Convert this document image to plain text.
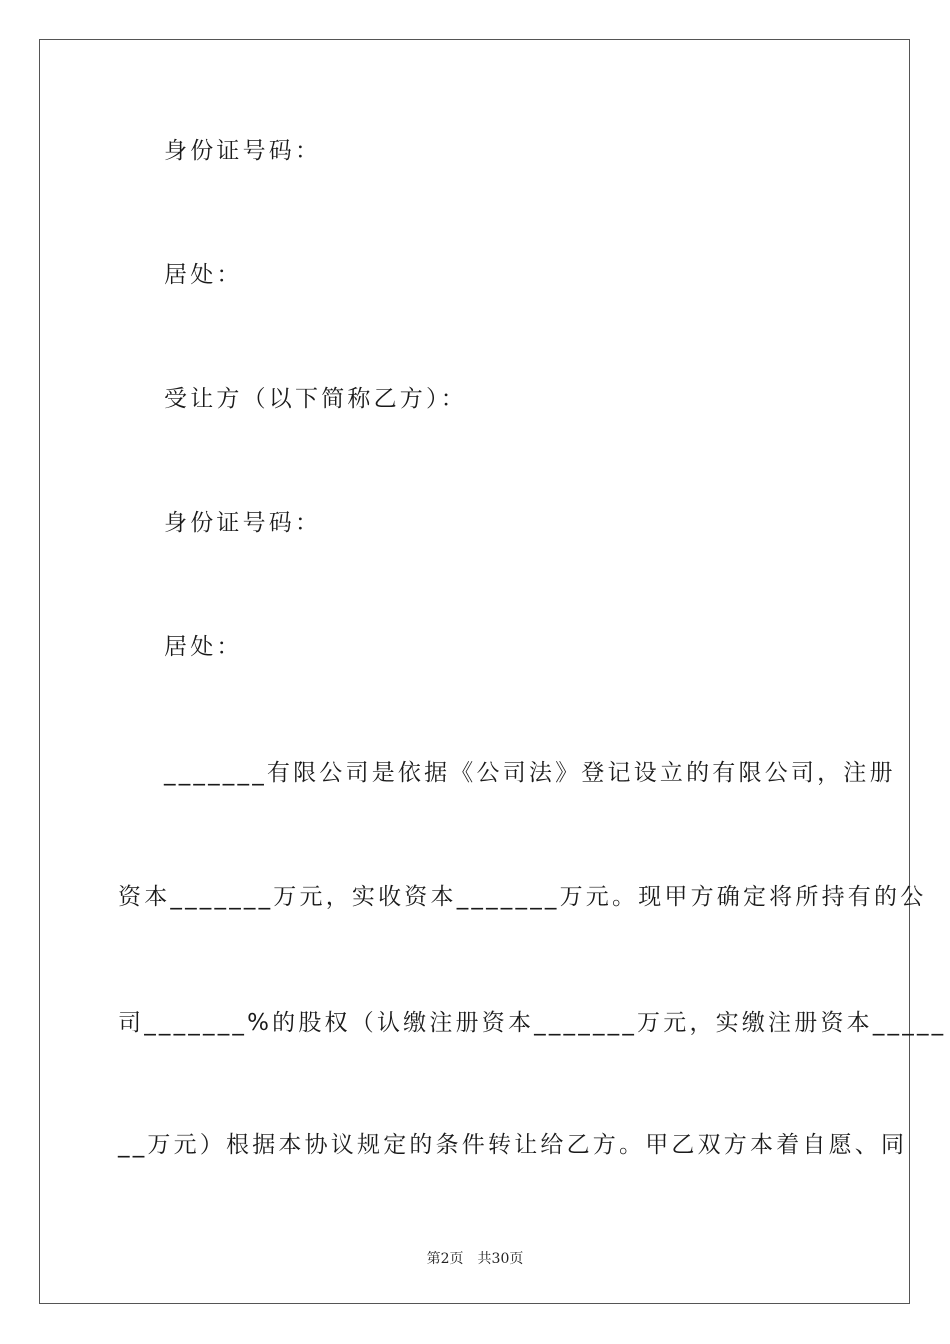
身份证号码：
居处：
受让方（以下简称乙方）：
身份证号码：
居处：
_______有限公司是依据《公司法》登记设立的有限公司，注册
资本_______万元，实收资本_______万元。现甲方确定将所持有的公
司_______%的股权（认缴注册资本_______万元，实缴注册资本_____
__万元）根据本协议规定的条件转让给乙方。甲乙双方本着自愿、同
第2页　共30页
